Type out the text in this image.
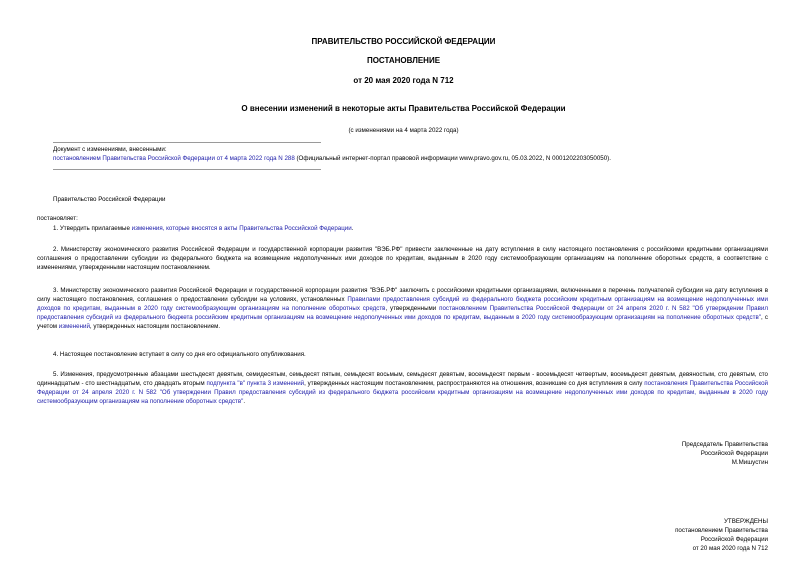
ПРАВИТЕЛЬСТВО РОССИЙСКОЙ ФЕДЕРАЦИИ
ПОСТАНОВЛЕНИЕ
от 20 мая 2020 года N 712
О внесении изменений в некоторые акты Правительства Российской Федерации
(с изменениями на 4 марта 2022 года)
Документ с изменениями, внесенными:
постановлением Правительства Российской Федерации от 4 марта 2022 года N 288 (Официальный интернет-портал правовой информации www.pravo.gov.ru, 05.03.2022, N 0001202203050050).
Правительство Российской Федерации
постановляет:
1. Утвердить прилагаемые изменения, которые вносятся в акты Правительства Российской Федерации.
2. Министерству экономического развития Российской Федерации и государственной корпорации развития "ВЭБ.РФ" привести заключенные на дату вступления в силу настоящего постановления с российскими кредитными организациями соглашения о предоставлении субсидии из федерального бюджета на возмещение недополученных ими доходов по кредитам, выданным в 2020 году системообразующим организациям на пополнение оборотных средств, в соответствие с изменениями, утвержденными настоящим постановлением.
3. Министерству экономического развития Российской Федерации и государственной корпорации развития "ВЭБ.РФ" заключить с российскими кредитными организациями, включенными в перечень получателей субсидии на дату вступления в силу настоящего постановления, соглашения о предоставлении субсидии на условиях, установленных Правилами предоставления субсидий из федерального бюджета российским кредитным организациям на возмещение недополученных ими доходов по кредитам, выданным в 2020 году системообразующим организациям на пополнение оборотных средств, утвержденными постановлением Правительства Российской Федерации от 24 апреля 2020 г. N 582 "Об утверждении Правил предоставления субсидий из федерального бюджета российским кредитным организациям на возмещение недополученных ими доходов по кредитам, выданным в 2020 году системообразующим организациям на пополнение оборотных средств", с учетом изменений, утвержденных настоящим постановлением.
4. Настоящее постановление вступает в силу со дня его официального опубликования.
5. Изменения, предусмотренные абзацами шестьдесят девятым, семидесятым, семьдесят пятым, семьдесят восьмым, семьдесят девятым, восемьдесят первым - восемьдесят четвертым, восемьдесят девятым, девяностым, сто девятым, сто одиннадцатым - сто шестнадцатым, сто двадцать вторым подпункта "в" пункта 3 изменений, утвержденных настоящим постановлением, распространяются на отношения, возникшие со дня вступления в силу постановления Правительства Российской Федерации от 24 апреля 2020 г. N 582 "Об утверждении Правил предоставления субсидий из федерального бюджета российским кредитным организациям на возмещение недополученных ими доходов по кредитам, выданным в 2020 году системообразующим организациям на пополнение оборотных средств".
Председатель Правительства
Российской Федерации
М.Мишустин
УТВЕРЖДЕНЫ
постановлением Правительства
Российской Федерации
от 20 мая 2020 года N 712
